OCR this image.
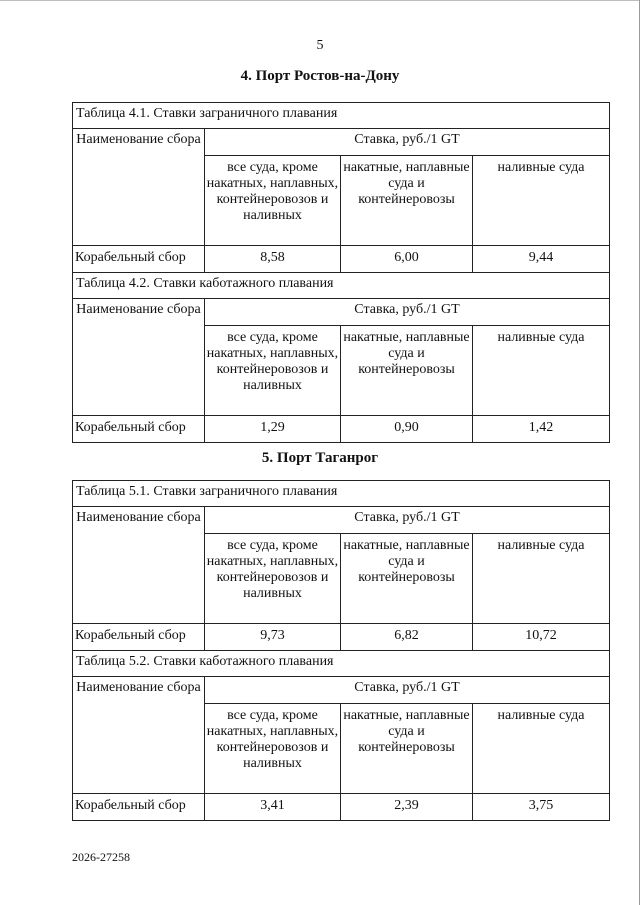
5
4. Порт Ростов-на-Дону
Таблица 4.1. Ставки заграничного плавания			
Наименование сбора	Ставка, руб./1 GT		
	все суда, кроме накатных, наплавных, контейнеровозов и наливных	накатные, наплавные суда и контейнеровозы	наливные суда
Корабельный сбор	8,58	6,00	9,44
Таблица 4.2. Ставки каботажного плавания			
Наименование сбора	Ставка, руб./1 GT		
	все суда, кроме накатных, наплавных, контейнеровозов и наливных	накатные, наплавные суда и контейнеровозы	наливные суда
Корабельный сбор	1,29	0,90	1,42
5. Порт Таганрог
Таблица 5.1. Ставки заграничного плавания			
Наименование сбора	Ставка, руб./1 GT		
	все суда, кроме накатных, наплавных, контейнеровозов и наливных	накатные, наплавные суда и контейнеровозы	наливные суда
Корабельный сбор	9,73	6,82	10,72
Таблица 5.2. Ставки каботажного плавания			
Наименование сбора	Ставка, руб./1 GT		
	все суда, кроме накатных, наплавных, контейнеровозов и наливных	накатные, наплавные суда и контейнеровозы	наливные суда
Корабельный сбор	3,41	2,39	3,75
2026-27258
